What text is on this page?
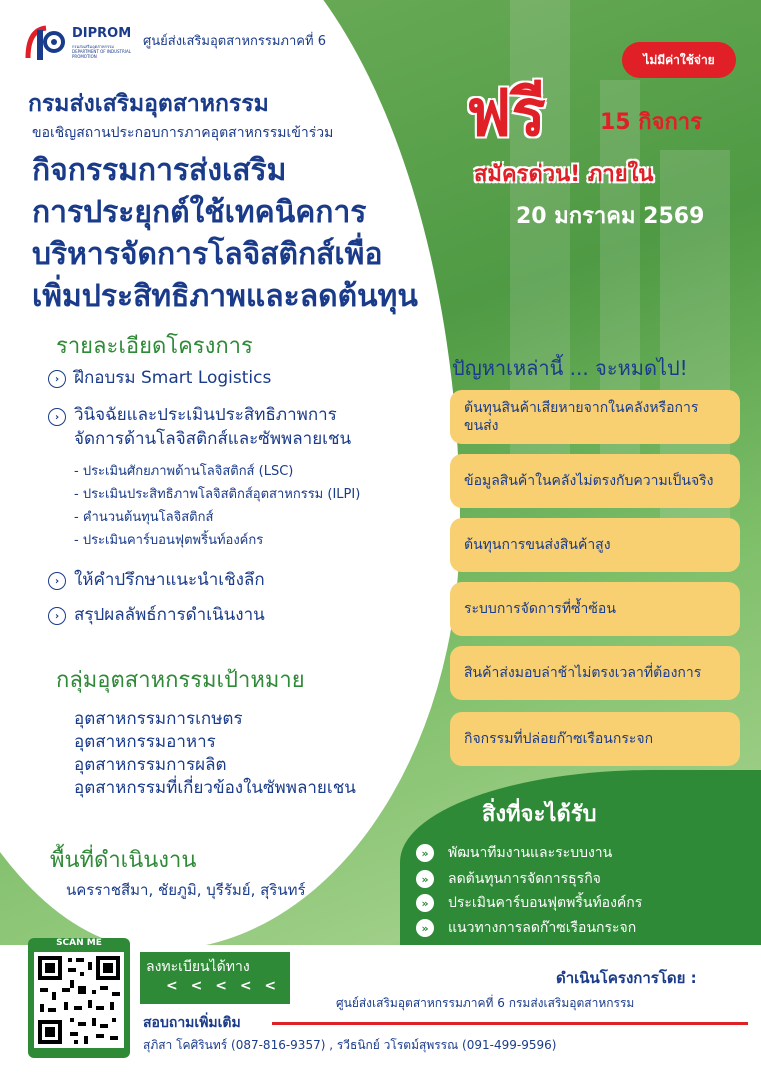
DIPROM
กรมส่งเสริมอุตสาหกรรม DEPARTMENT OF INDUSTRIAL PROMOTION
ศูนย์ส่งเสริมอุตสาหกรรมภาคที่ 6
กรมส่งเสริมอุตสาหกรรม
ขอเชิญสถานประกอบการภาคอุตสาหกรรมเข้าร่วม
กิจกรรมการส่งเสริม
การประยุกต์ใช้เทคนิคการ
บริหารจัดการโลจิสติกส์เพื่อ
เพิ่มประสิทธิภาพและลดต้นทุน
ฟรี
ไม่มีค่าใช้จ่าย
15 กิจการ
สมัครด่วน! ภายใน
20 มกราคม 2569
รายละเอียดโครงการ
› ฝึกอบรม Smart Logistics
› วินิจฉัยและประเมินประสิทธิภาพการ
จัดการด้านโลจิสติกส์และซัพพลายเชน
- ประเมินศักยภาพด้านโลจิสติกส์ (LSC)
- ประเมินประสิทธิภาพโลจิสติกส์อุตสาหกรรม (ILPI)
- คำนวนต้นทุนโลจิสติกส์
- ประเมินคาร์บอนฟุตพริ้นท์องค์กร
› ให้คำปรึกษาแนะนำเชิงลึก
› สรุปผลลัพธ์การดำเนินงาน
กลุ่มอุตสาหกรรมเป้าหมาย
อุตสาหกรรมการเกษตร
อุตสาหกรรมอาหาร
อุตสาหกรรมการผลิต
อุตสาหกรรมที่เกี่ยวข้องในซัพพลายเชน
พื้นที่ดำเนินงาน
นครราชสีมา, ชัยภูมิ, บุรีรัมย์, สุรินทร์
ปัญหาเหล่านี้ ... จะหมดไป!
ต้นทุนสินค้าเสียหายจากในคลังหรือการขนส่ง
ข้อมูลสินค้าในคลังไม่ตรงกับความเป็นจริง
ต้นทุนการขนส่งสินค้าสูง
ระบบการจัดการที่ซ้ำซ้อน
สินค้าส่งมอบล่าช้าไม่ตรงเวลาที่ต้องการ
กิจกรรมที่ปล่อยก๊าซเรือนกระจก
สิ่งที่จะได้รับ
»	พัฒนาทีมงานและระบบงาน
»	ลดต้นทุนการจัดการธุรกิจ
»	ประเมินคาร์บอนฟุตพริ้นท์องค์กร
»	แนวทางการลดก๊าซเรือนกระจก
SCAN ME
ลงทะเบียนได้ทาง
< < < < < <
สอบถามเพิ่มเติม
สุภิสา โคศิรินทร์ (087-816-9357) , รวีธนิกย์ วโรตม์สุพรรณ (091-499-9596)
ดำเนินโครงการโดย :
ศูนย์ส่งเสริมอุตสาหกรรมภาคที่ 6 กรมส่งเสริมอุตสาหกรรม
